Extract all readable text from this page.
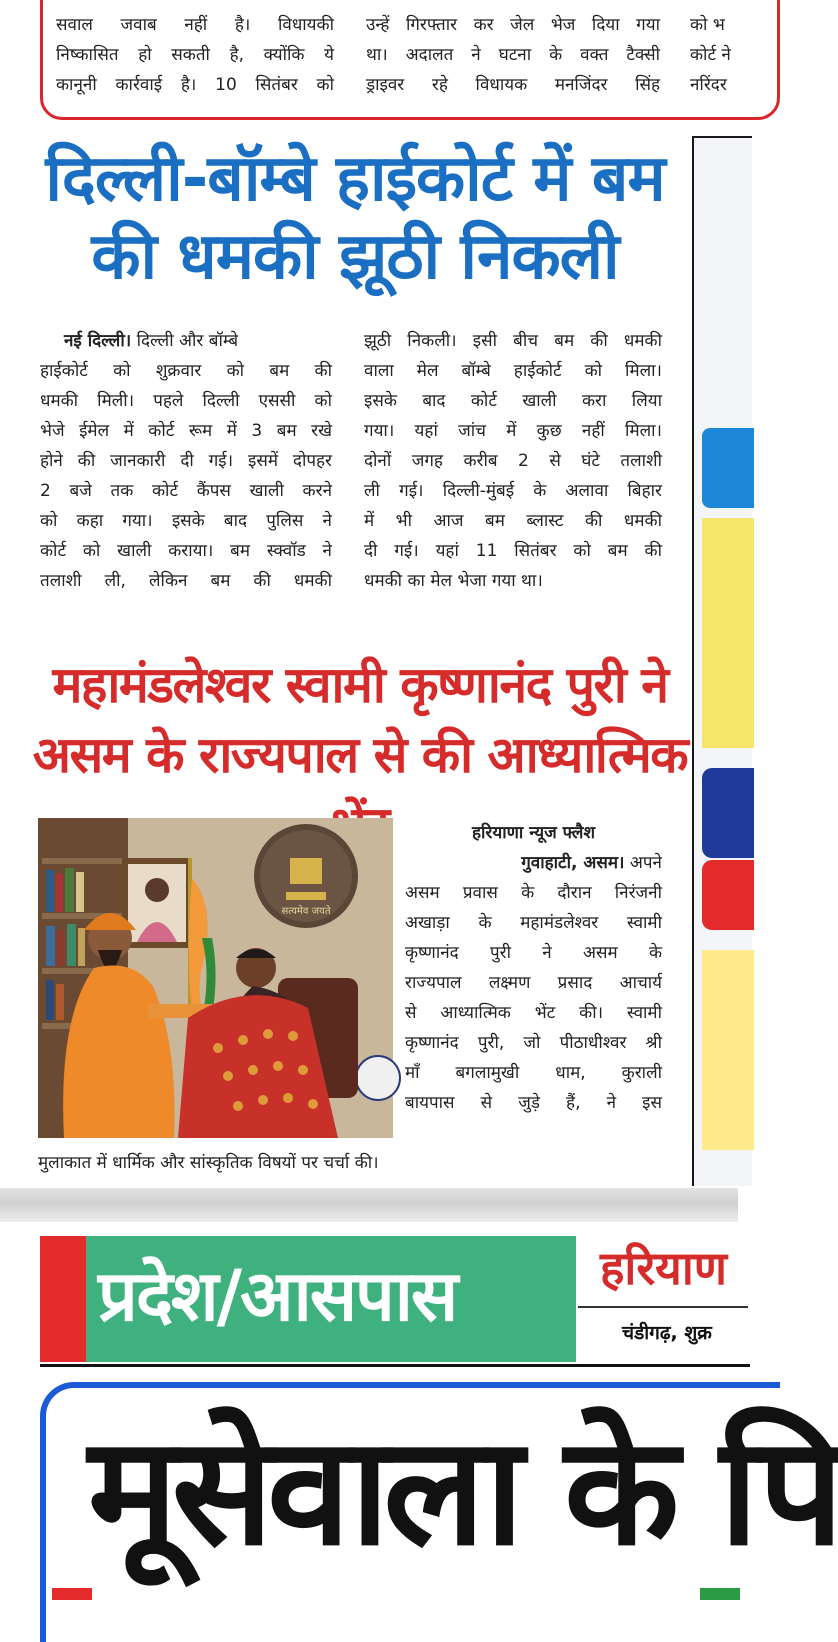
सवाल जवाब नहीं है। विधायकी

निष्कासित हो सकती है, क्योंकि ये

कानूनी कार्रवाई है। 10 सितंबर को

उन्हें गिरफ्तार कर जेल भेज दिया गया

था। अदालत ने घटना के वक्त टैक्सी

ड्राइवर रहे विधायक मनजिंदर सिंह

को भ

कोर्ट ने

नरिंदर

दिल्ली-बॉम्बे हाईकोर्ट में बम
की धमकी झूठी निकली

नई दिल्ली। दिल्ली और बॉम्बे

हाईकोर्ट को शुक्रवार को बम की

धमकी मिली। पहले दिल्ली एससी को

भेजे ईमेल में कोर्ट रूम में 3 बम रखे

होने की जानकारी दी गई। इसमें दोपहर

2 बजे तक कोर्ट कैंपस खाली करने

को कहा गया। इसके बाद पुलिस ने

कोर्ट को खाली कराया। बम स्क्वॉड ने

तलाशी ली, लेकिन बम की धमकी

झूठी निकली। इसी बीच बम की धमकी

वाला मेल बॉम्बे हाईकोर्ट को मिला।

इसके बाद कोर्ट खाली करा लिया

गया। यहां जांच में कुछ नहीं मिला।

दोनों जगह करीब 2 से घंटे तलाशी

ली गई। दिल्ली-मुंबई के अलावा बिहार

में भी आज बम ब्लास्ट की धमकी

दी गई। यहां 11 सितंबर को बम की

धमकी का मेल भेजा गया था।

महामंडलेश्वर स्वामी कृष्णानंद पुरी ने
असम के राज्यपाल से की आध्यात्मिक
सत्यमेव जयते

हरियाणा न्यूज फ्लैश

गुवाहाटी, असम। अपने

असम प्रवास के दौरान निरंजनी

अखाड़ा के महामंडलेश्वर स्वामी

कृष्णानंद पुरी ने असम के

राज्यपाल लक्ष्मण प्रसाद आचार्य

से आध्यात्मिक भेंट की। स्वामी

कृष्णानंद पुरी, जो पीठाधीश्वर श्री

माँ बगलामुखी धाम, कुराली

बायपास से जुड़े हैं, ने इस

मुलाकात में धार्मिक और सांस्कृतिक विषयों पर चर्चा की।
प्रदेश/आसपास	हरियाण
चंडीगढ़, शुक्र
मूसेवाला के पि
